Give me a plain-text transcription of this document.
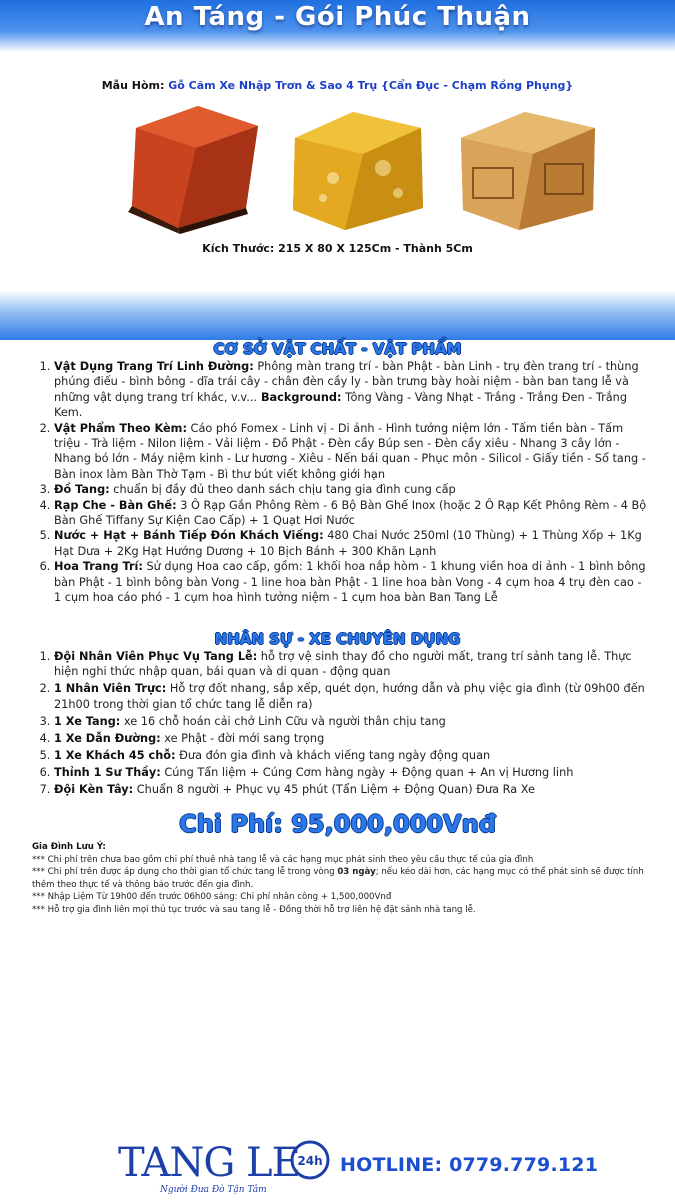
An Táng - Gói Phúc Thuận
Mẫu Hòm: Gỗ Căm Xe Nhập Trơn & Sao 4 Trụ {Cẩn Đục - Chạm Rồng Phụng}
Kích Thước: 215 X 80 X 125Cm - Thành 5Cm
CƠ SỞ VẬT CHẤT - VẬT PHẨM
1. Vật Dụng Trang Trí Linh Đường: Phông màn trang trí - bàn Phật - bàn Linh - trụ đèn trang trí - thùng phúng điếu - bình bông - dĩa trái cây - chân đèn cầy ly - bàn trưng bày hoài niệm - bàn ban tang lễ và những vật dụng trang trí khác, v.v... Background: Tông Vàng - Vàng Nhạt - Trắng - Trắng Đen - Trắng Kem.
2. Vật Phẩm Theo Kèm: Cáo phó Fomex - Linh vị - Di ảnh - Hình tưởng niệm lớn - Tấm tiền bàn - Tấm triệu - Trà liệm - Nilon liệm - Vải liệm - Đồ Phật - Đèn cầy Búp sen - Đèn cầy xiêu - Nhang 3 cây lớn - Nhang bó lớn - Máy niệm kinh - Lư hương - Xiêu - Nến bái quan - Phục môn - Silicol - Giấy tiền - Sổ tang - Bàn inox làm Bàn Thờ Tạm - Bì thư bút viết không giới hạn
3. Đồ Tang: chuẩn bị đầy đủ theo danh sách chịu tang gia đình cung cấp
4. Rạp Che - Bàn Ghế: 3 Ô Rạp Gắn Phông Rèm - 6 Bộ Bàn Ghế Inox (hoặc 2 Ô Rạp Kết Phông Rèm - 4 Bộ Bàn Ghế Tiffany Sự Kiện Cao Cấp) + 1 Quạt Hơi Nước
5. Nước + Hạt + Bánh Tiếp Đón Khách Viếng: 480 Chai Nước 250ml (10 Thùng) + 1 Thùng Xốp + 1Kg Hạt Dưa + 2Kg Hạt Hướng Dương + 10 Bịch Bánh + 300 Khăn Lạnh
6. Hoa Trang Trí: Sử dụng Hoa cao cấp, gồm: 1 khối hoa nắp hòm - 1 khung viền hoa di ảnh - 1 bình bông bàn Phật - 1 bình bông bàn Vong - 1 line hoa bàn Phật - 1 line hoa bàn Vong - 4 cụm hoa 4 trụ đèn cao - 1 cụm hoa cáo phó - 1 cụm hoa hình tưởng niệm - 1 cụm hoa bàn Ban Tang Lễ
NHÂN SỰ - XE CHUYÊN DỤNG
1. Đội Nhân Viên Phục Vụ Tang Lễ: hỗ trợ vệ sinh thay đồ cho người mất, trang trí sảnh tang lễ. Thực hiện nghi thức nhập quan, bái quan và di quan - động quan
2. 1 Nhân Viên Trực: Hỗ trợ đốt nhang, sắp xếp, quét dọn, hướng dẫn và phụ việc gia đình (từ 09h00 đến 21h00 trong thời gian tổ chức tang lễ diễn ra)
3. 1 Xe Tang: xe 16 chỗ hoán cải chở Linh Cữu và người thân chịu tang
4. 1 Xe Dẫn Đường: xe Phật - đời mới sang trọng
5. 1 Xe Khách 45 chỗ: Đưa đón gia đình và khách viếng tang ngày động quan
6. Thỉnh 1 Sư Thầy: Cúng Tẩn liệm + Cúng Cơm hàng ngày + Động quan + An vị Hương linh
7. Đội Kèn Tây: Chuẩn 8 người + Phục vụ 45 phút (Tẩn Liệm + Động Quan) Đưa Ra Xe
Chi Phí: 95,000,000Vnđ
Gia Đình Lưu Ý:
*** Chi phí trên chưa bao gồm chi phí thuê nhà tang lễ và các hạng mục phát sinh theo yêu cầu thực tế của gia đình
*** Chi phí trên được áp dụng cho thời gian tổ chức tang lễ trong vòng 03 ngày; nếu kéo dài hơn, các hạng mục có thể phát sinh sẽ được tính thêm theo thực tế và thông báo trước đến gia đình.
*** Nhập Liệm Từ 19h00 đến trước 06h00 sáng: Chi phí nhân công + 1,500,000Vnđ
*** Hỗ trợ gia đình liên mọi thủ tục trước và sau tang lễ - Đồng thời hỗ trợ liên hệ đặt sảnh nhà tang lễ.
TANG LE
24h
Người Đưa Đò Tận Tâm
HOTLINE: 0779.779.121
